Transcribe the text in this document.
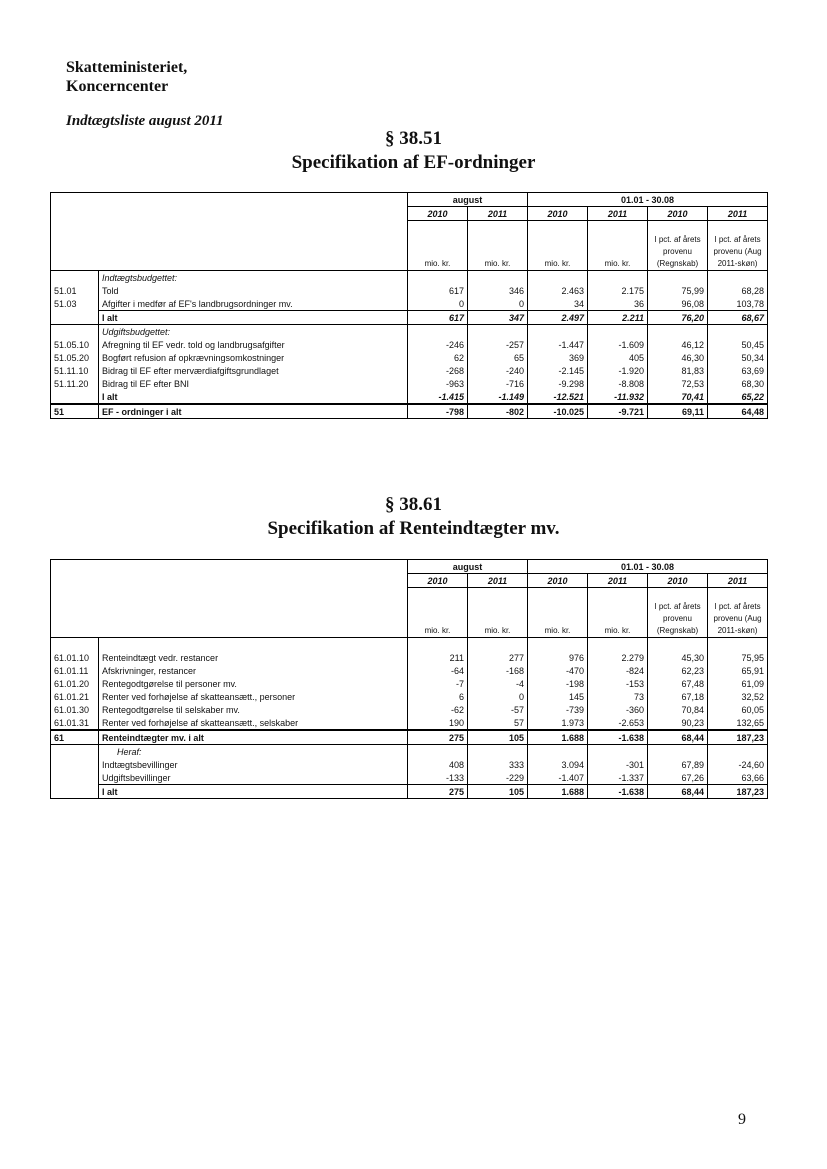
Skatteministeriet,
Koncerncenter
Indtægtsliste august 2011
§ 38.51
Specifikation af EF-ordninger
		august		01.01 - 30.08			
		2010	2011	2010	2011	2010	2011
		mio. kr.	mio. kr.	mio. kr.	mio. kr.	I pct. af årets provenu (Regnskab)	I pct. af årets provenu (Aug 2011-skøn)
	Indtægtsbudgettet:						
51.01	Told	617	346	2.463	2.175	75,99	68,28
51.03	Afgifter i medfør af EF's landbrugsordninger mv.	0	0	34	36	96,08	103,78
	I alt	617	347	2.497	2.211	76,20	68,67
	Udgiftsbudgettet:						
51.05.10	Afregning til EF vedr. told og landbrugsafgifter	-246	-257	-1.447	-1.609	46,12	50,45
51.05.20	Bogført refusion af opkrævningsomkostninger	62	65	369	405	46,30	50,34
51.11.10	Bidrag til EF efter merværdiafgiftsgrundlaget	-268	-240	-2.145	-1.920	81,83	63,69
51.11.20	Bidrag til EF efter BNI	-963	-716	-9.298	-8.808	72,53	68,30
	I alt	-1.415	-1.149	-12.521	-11.932	70,41	65,22
51	EF - ordninger i alt	-798	-802	-10.025	-9.721	69,11	64,48
§ 38.61
Specifikation af Renteindtægter mv.
		august		01.01 - 30.08			
		2010	2011	2010	2011	2010	2011
		mio. kr.	mio. kr.	mio. kr.	mio. kr.	I pct. af årets provenu (Regnskab)	I pct. af årets provenu (Aug 2011-skøn)

61.01.10	Renteindtægt vedr. restancer	211	277	976	2.279	45,30	75,95
61.01.11	Afskrivninger, restancer	-64	-168	-470	-824	62,23	65,91
61.01.20	Rentegodtgørelse til personer mv.	-7	-4	-198	-153	67,48	61,09
61.01.21	Renter ved forhøjelse af skatteansætt., personer	6	0	145	73	67,18	32,52
61.01.30	Rentegodtgørelse til selskaber mv.	-62	-57	-739	-360	70,84	60,05
61.01.31	Renter ved forhøjelse af skatteansætt., selskaber	190	57	1.973	-2.653	90,23	132,65
61	Renteindtægter mv. i alt	275	105	1.688	-1.638	68,44	187,23
	Heraf:						
	Indtægtsbevillinger	408	333	3.094	-301	67,89	-24,60
	Udgiftsbevillinger	-133	-229	-1.407	-1.337	67,26	63,66
	I alt	275	105	1.688	-1.638	68,44	187,23
9
